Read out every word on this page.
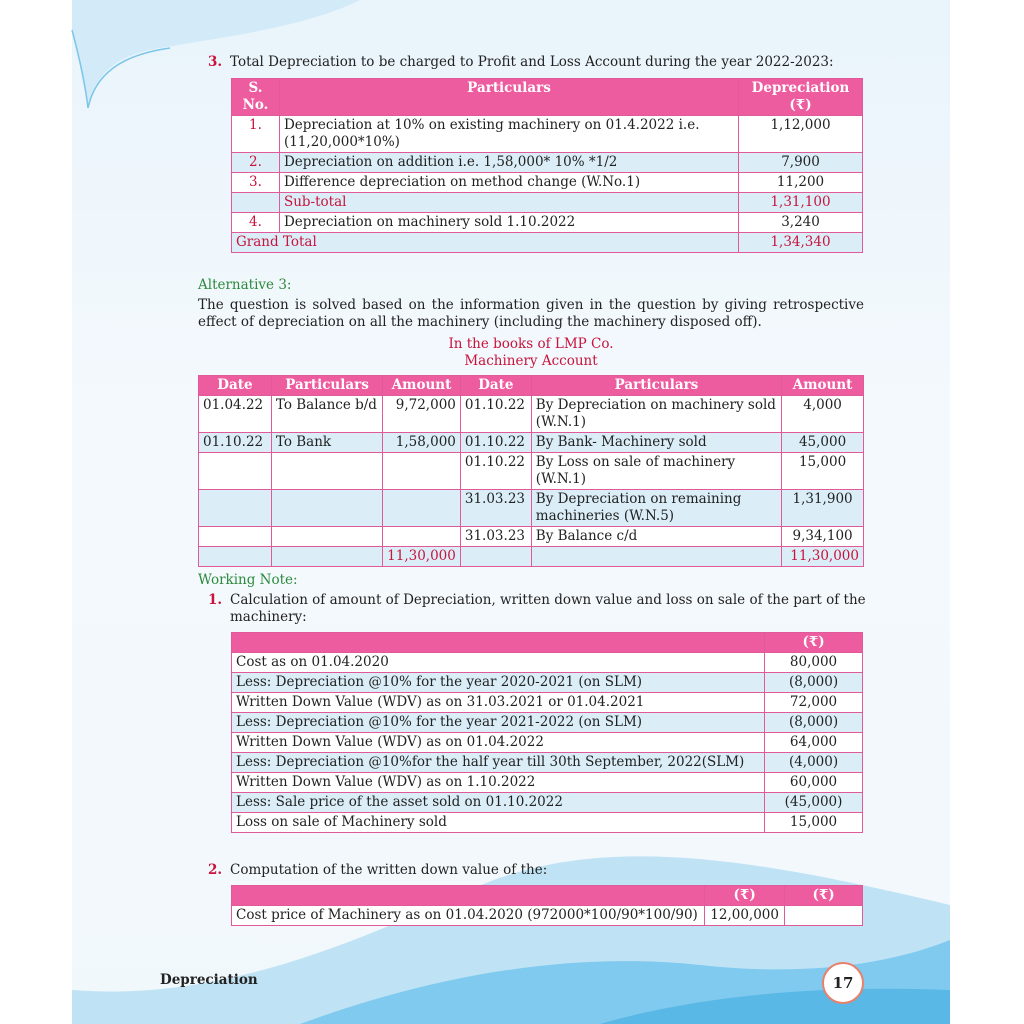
3. Total Depreciation to be charged to Profit and Loss Account during the year 2022-2023:
S.
No.	Particulars	Depreciation
(₹)
1.	Depreciation at 10% on existing machinery on 01.4.2022 i.e.
(11,20,000*10%)	1,12,000
2.	Depreciation on addition i.e. 1,58,000* 10% *1/2	7,900
3.	Difference depreciation on method change (W.No.1)	11,200
	Sub-total	1,31,100
4.	Depreciation on machinery sold 1.10.2022	3,240
Grand Total		1,34,340
Alternative 3:
The question is solved based on the information given in the question by giving retrospective effect of depreciation on all the machinery (including the machinery disposed off).
In the books of LMP Co.
Machinery Account
Date	Particulars	Amount	Date	Particulars	Amount
01.04.22	To Balance b/d	9,72,000	01.10.22	By Depreciation on machinery sold
(W.N.1)	4,000
01.10.22	To Bank	1,58,000	01.10.22	By Bank- Machinery sold	45,000
			01.10.22	By Loss on sale of machinery (W.N.1)	15,000
			31.03.23	By Depreciation on remaining
machineries (W.N.5)	1,31,900
			31.03.23	By Balance c/d	9,34,100
		11,30,000			11,30,000
Working Note:
1. Calculation of amount of Depreciation, written down value and loss on sale of the part of the
machinery:
	(₹)
Cost as on 01.04.2020	80,000
Less: Depreciation @10% for the year 2020-2021 (on SLM)	(8,000)
Written Down Value (WDV) as on 31.03.2021 or 01.04.2021	72,000
Less: Depreciation @10% for the year 2021-2022 (on SLM)	(8,000)
Written Down Value (WDV) as on 01.04.2022	64,000
Less: Depreciation @10%for the half year till 30th September, 2022(SLM)	(4,000)
Written Down Value (WDV) as on 1.10.2022	60,000
Less: Sale price of the asset sold on 01.10.2022	(45,000)
Loss on sale of Machinery sold	15,000
2. Computation of the written down value of the:
	(₹)	(₹)
Cost price of Machinery as on 01.04.2020 (972000*100/90*100/90)	12,00,000	
Depreciation	17
